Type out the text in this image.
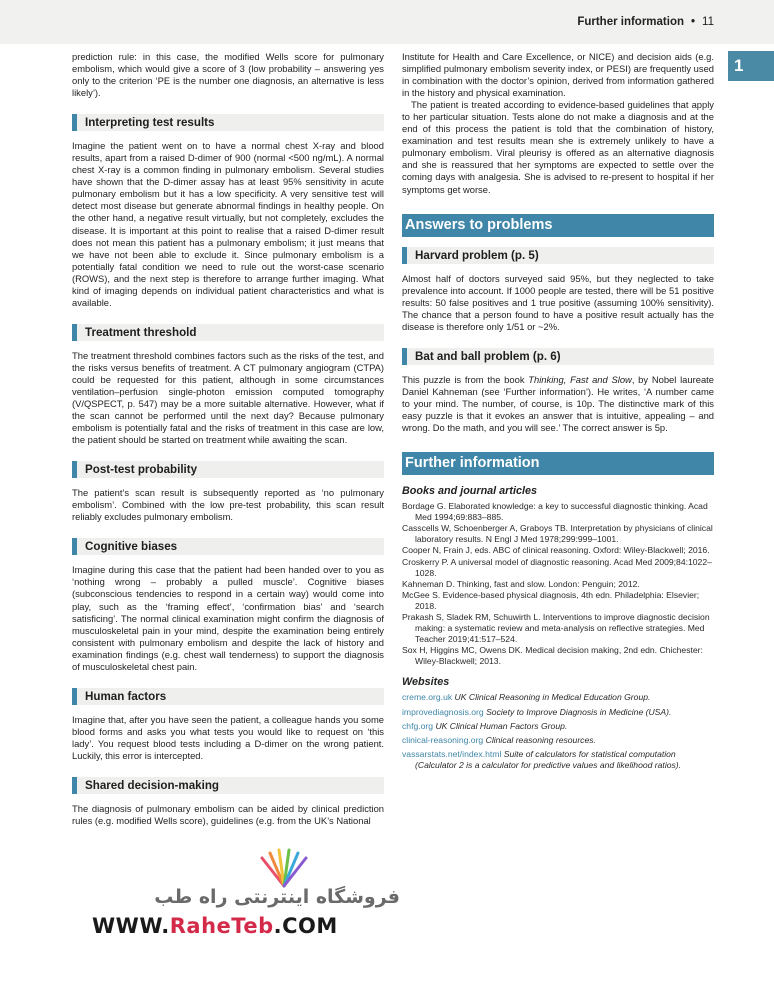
Further information • 11
1

prediction rule: in this case, the modified Wells score for pulmonary embolism, which would give a score of 3 (low probability – answering yes only to the criterion ‘PE is the number one diagnosis, an alternative is less likely’).

Interpreting test results

Imagine the patient went on to have a normal chest X-ray and blood results, apart from a raised D-dimer of 900 (normal <500 ng/mL). A normal chest X-ray is a common finding in pulmonary embolism. Several studies have shown that the D-dimer assay has at least 95% sensitivity in acute pulmonary embolism but it has a low specificity. A very sensitive test will detect most disease but generate abnormal findings in healthy people. On the other hand, a negative result virtually, but not completely, excludes the disease. It is important at this point to realise that a raised D-dimer result does not mean this patient has a pulmonary embolism; it just means that we have not been able to exclude it. Since pulmonary embolism is a potentially fatal condition we need to rule out the worst-case scenario (ROWS), and the next step is therefore to arrange further imaging. What kind of imaging depends on individual patient characteristics and what is available.

Treatment threshold

The treatment threshold combines factors such as the risks of the test, and the risks versus benefits of treatment. A CT pulmonary angiogram (CTPA) could be requested for this patient, although in some circumstances ventilation–perfusion single-photon emission computed tomography (V/QSPECT, p. 547) may be a more suitable alternative. However, what if the scan cannot be performed until the next day? Because pulmonary embolism is potentially fatal and the risks of treatment in this case are low, the patient should be started on treatment while awaiting the scan.

Post-test probability

The patient’s scan result is subsequently reported as ‘no pulmonary embolism’. Combined with the low pre-test probability, this scan result reliably excludes pulmonary embolism.

Cognitive biases

Imagine during this case that the patient had been handed over to you as ‘nothing wrong – probably a pulled muscle’. Cognitive biases (subconscious tendencies to respond in a certain way) would come into play, such as the ‘framing effect’, ‘confirmation bias’ and ‘search satisficing’. The normal clinical examination might confirm the diagnosis of musculoskeletal pain in your mind, despite the examination being entirely consistent with pulmonary embolism and despite the lack of history and examination findings (e.g. chest wall tenderness) to support the diagnosis of musculoskeletal chest pain.

Human factors

Imagine that, after you have seen the patient, a colleague hands you some blood forms and asks you what tests you would like to request on ‘this lady’. You request blood tests including a D-dimer on the wrong patient. Luckily, this error is intercepted.

Shared decision-making

The diagnosis of pulmonary embolism can be aided by clinical prediction rules (e.g. modified Wells score), guidelines (e.g. from the UK’s National

Institute for Health and Care Excellence, or NICE) and decision aids (e.g. simplified pulmonary embolism severity index, or PESI) are frequently used in combination with the doctor’s opinion, derived from information gathered in the history and physical examination.

The patient is treated according to evidence-based guidelines that apply to her particular situation. Tests alone do not make a diagnosis and at the end of this process the patient is told that the combination of history, examination and test results mean she is extremely unlikely to have a pulmonary embolism. Viral pleurisy is offered as an alternative diagnosis and she is reassured that her symptoms are expected to settle over the coming days with analgesia. She is advised to re-present to hospital if her symptoms get worse.

Answers to problems
Harvard problem (p. 5)

Almost half of doctors surveyed said 95%, but they neglected to take prevalence into account. If 1000 people are tested, there will be 51 positive results: 50 false positives and 1 true positive (assuming 100% sensitivity). The chance that a person found to have a positive result actually has the disease is therefore only 1/51 or ~2%.

Bat and ball problem (p. 6)

This puzzle is from the book Thinking, Fast and Slow, by Nobel laureate Daniel Kahneman (see ‘Further information’). He writes, ‘A number came to your mind. The number, of course, is 10p. The distinctive mark of this easy puzzle is that it evokes an answer that is intuitive, appealing – and wrong. Do the math, and you will see.’ The correct answer is 5p.

Further information
Books and journal articles
Bordage G. Elaborated knowledge: a key to successful diagnostic thinking. Acad Med 1994;69:883–885.
Casscells W, Schoenberger A, Graboys TB. Interpretation by physicians of clinical laboratory results. N Engl J Med 1978;299:999–1001.
Cooper N, Frain J, eds. ABC of clinical reasoning. Oxford: Wiley-Blackwell; 2016.
Croskerry P. A universal model of diagnostic reasoning. Acad Med 2009;84:1022–1028.
Kahneman D. Thinking, fast and slow. London: Penguin; 2012.
McGee S. Evidence-based physical diagnosis, 4th edn. Philadelphia: Elsevier; 2018.
Prakash S, Sladek RM, Schuwirth L. Interventions to improve diagnostic decision making: a systematic review and meta-analysis on reflective strategies. Med Teacher 2019;41:517–524.
Sox H, Higgins MC, Owens DK. Medical decision making, 2nd edn. Chichester: Wiley-Blackwell; 2013.
Websites
creme.org.uk UK Clinical Reasoning in Medical Education Group.
improvediagnosis.org Society to Improve Diagnosis in Medicine (USA).
chfg.org UK Clinical Human Factors Group.
clinical-reasoning.org Clinical reasoning resources.
vassarstats.net/index.html Suite of calculators for statistical computation (Calculator 2 is a calculator for predictive values and likelihood ratios).
فروشگاه اینترنتی راه طب
WWW.RaheTeb.COM
